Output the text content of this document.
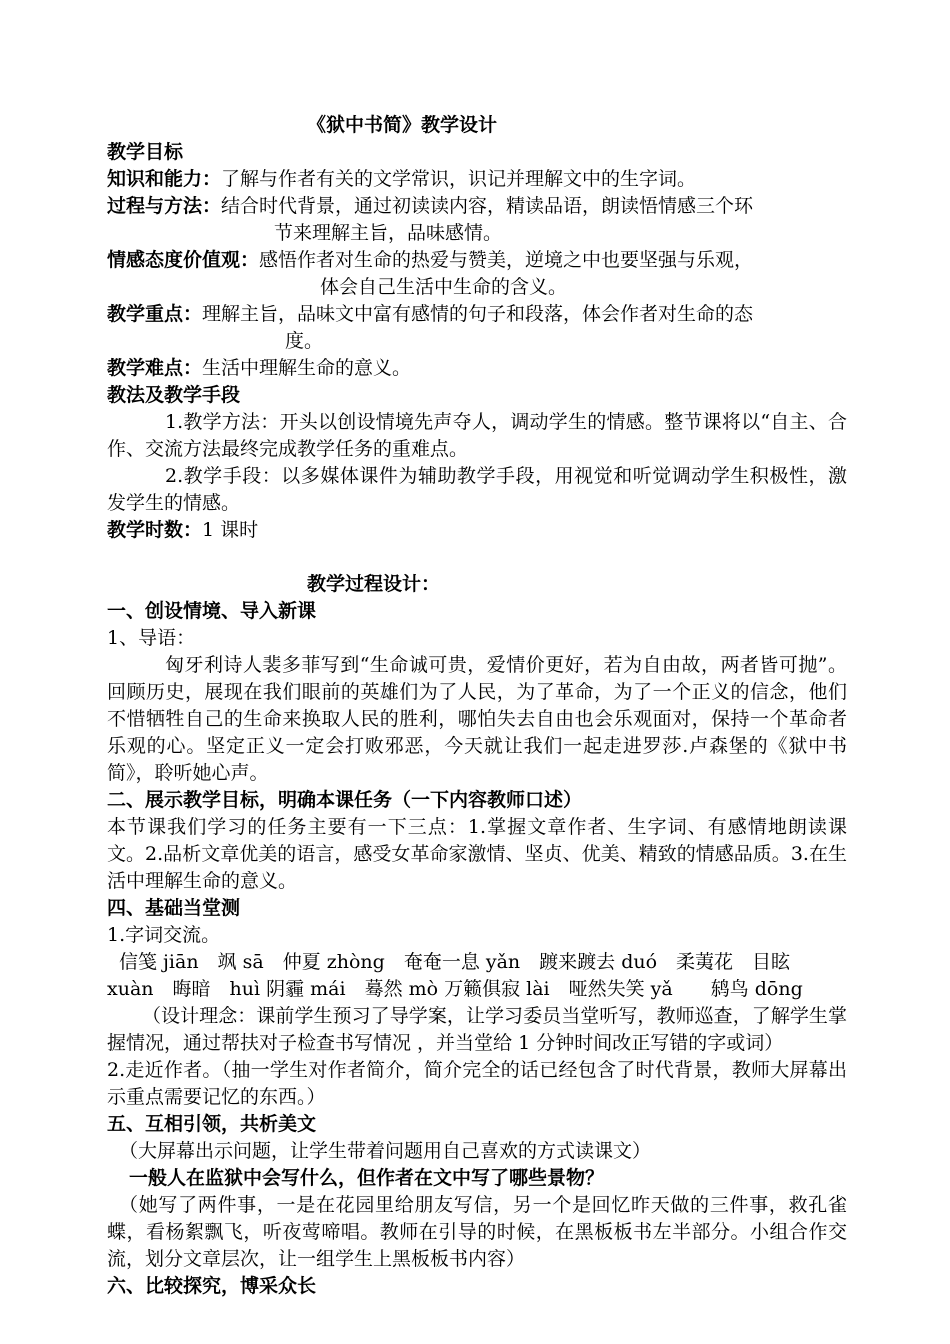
《狱中书简》教学设计

教学目标

知识和能力：了解与作者有关的文学常识，识记并理解文中的生字词。

过程与方法：结合时代背景，通过初读读内容，精读品语，朗读悟情感三个环

节来理解主旨，品味感情。

情感态度价值观：感悟作者对生命的热爱与赞美，逆境之中也要坚强与乐观，

体会自己生活中生命的含义。

教学重点：理解主旨，品味文中富有感情的句子和段落，体会作者对生命的态

度。

教学难点：生活中理解生命的意义。

教法及教学手段

1.教学方法：开头以创设情境先声夺人，调动学生的情感。整节课将以“自主、合作、交流方法最终完成教学任务的重难点。

2.教学手段：以多媒体课件为辅助教学手段，用视觉和听觉调动学生积极性，激发学生的情感。

教学时数：1 课时

教学过程设计：

一、创设情境、导入新课

1、导语：

匈牙利诗人裴多菲写到“生命诚可贵，爱情价更好，若为自由故，两者皆可抛”。回顾历史，展现在我们眼前的英雄们为了人民，为了革命，为了一个正义的信念，他们不惜牺牲自己的生命来换取人民的胜利，哪怕失去自由也会乐观面对，保持一个革命者乐观的心。坚定正义一定会打败邪恶，今天就让我们一起走进罗莎.卢森堡的《狱中书简》，聆听她心声。

二、展示教学目标，明确本课任务（一下内容教师口述）

本节课我们学习的任务主要有一下三点：1.掌握文章作者、生字词、有感情地朗读课文。2.品析文章优美的语言，感受女革命家激情、坚贞、优美、精致的情感品质。3.在生活中理解生命的意义。

四、基础当堂测

1.字词交流。

信笺 jiān　飒 sā　仲夏 zhòng　奄奄一息 yǎn　踱来踱去 duó　柔荑花　目眩

xuàn　晦暗　huì 阴霾 mái　蓦然 mò 万籁俱寂 lài　哑然失笑 yǎ　　鸫鸟 dōng

（设计理念：课前学生预习了导学案，让学习委员当堂听写，教师巡查，了解学生掌握情况，通过帮扶对子检查书写情况 ，并当堂给 1 分钟时间改正写错的字或词）

2.走近作者。（抽一学生对作者简介，简介完全的话已经包含了时代背景，教师大屏幕出示重点需要记忆的东西。）

五、互相引领，共析美文

（大屏幕出示问题，让学生带着问题用自己喜欢的方式读课文）

一般人在监狱中会写什么，但作者在文中写了哪些景物？

（她写了两件事，一是在花园里给朋友写信，另一个是回忆昨天做的三件事，救孔雀蝶，看杨絮飘飞，听夜莺啼唱。教师在引导的时候，在黑板板书左半部分。小组合作交流，划分文章层次，让一组学生上黑板板书内容）

六、比较探究，博采众长
